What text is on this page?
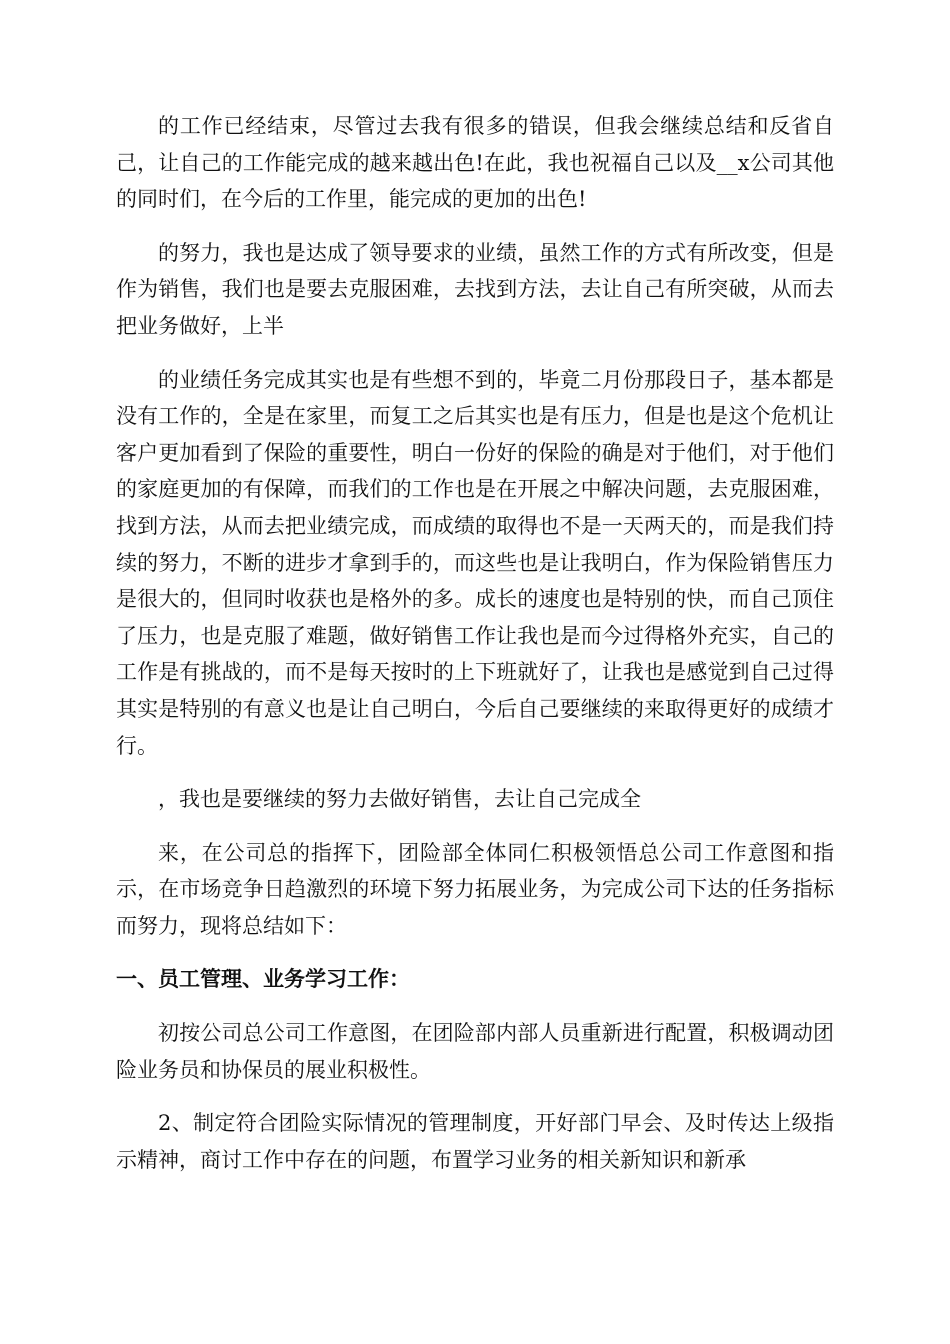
的工作已经结束，尽管过去我有很多的错误，但我会继续总结和反省自己，让自己的工作能完成的越来越出色!在此，我也祝福自己以及__x公司其他的同时们，在今后的工作里，能完成的更加的出色!

的努力，我也是达成了领导要求的业绩，虽然工作的方式有所改变，但是作为销售，我们也是要去克服困难，去找到方法，去让自己有所突破，从而去把业务做好，上半

的业绩任务完成其实也是有些想不到的，毕竟二月份那段日子，基本都是没有工作的，全是在家里，而复工之后其实也是有压力，但是也是这个危机让客户更加看到了保险的重要性，明白一份好的保险的确是对于他们，对于他们的家庭更加的有保障，而我们的工作也是在开展之中解决问题，去克服困难，找到方法，从而去把业绩完成，而成绩的取得也不是一天两天的，而是我们持续的努力，不断的进步才拿到手的，而这些也是让我明白，作为保险销售压力是很大的，但同时收获也是格外的多。成长的速度也是特别的快，而自己顶住了压力，也是克服了难题，做好销售工作让我也是而今过得格外充实，自己的工作是有挑战的，而不是每天按时的上下班就好了，让我也是感觉到自己过得其实是特别的有意义也是让自己明白，今后自己要继续的来取得更好的成绩才行。

，我也是要继续的努力去做好销售，去让自己完成全

来，在公司总的指挥下，团险部全体同仁积极领悟总公司工作意图和指示，在市场竞争日趋激烈的环境下努力拓展业务，为完成公司下达的任务指标而努力，现将总结如下：

一、员工管理、业务学习工作：

初按公司总公司工作意图，在团险部内部人员重新进行配置，积极调动团险业务员和协保员的展业积极性。

2、制定符合团险实际情况的管理制度，开好部门早会、及时传达上级指示精神，商讨工作中存在的问题，布置学习业务的相关新知识和新承
